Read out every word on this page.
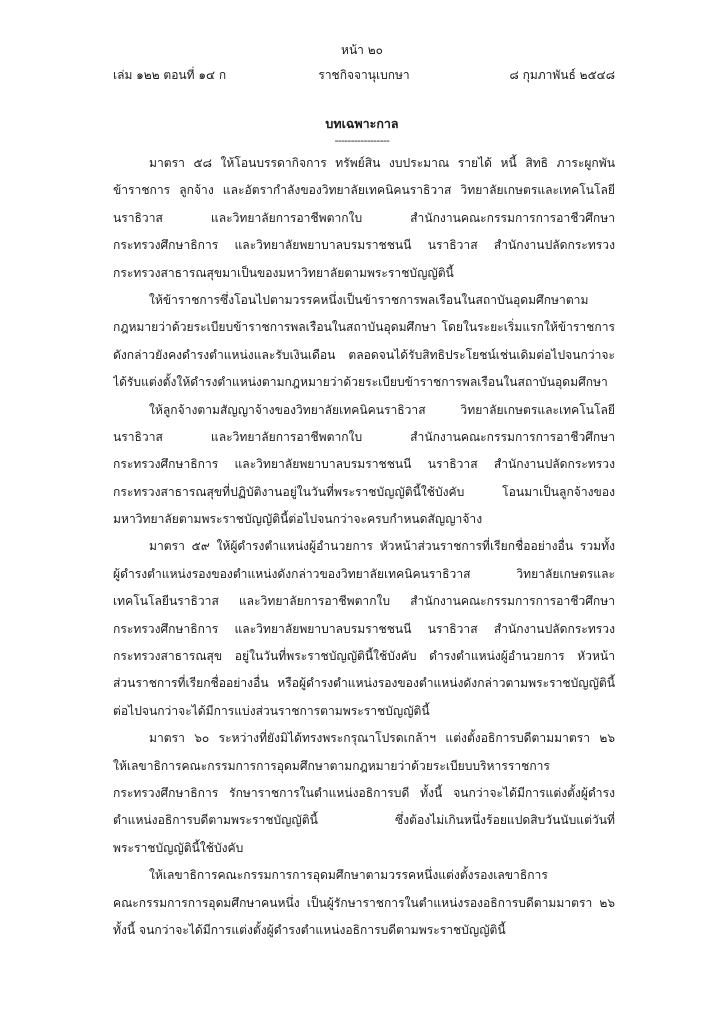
หน้า ๒๐
เล่ม ๑๒๒ ตอนที่ ๑๔ ก	ราชกิจจานุเบกษา	๘ กุมภาพันธ์ ๒๕๔๘
บทเฉพาะกาล
-----------------
มาตรา ๕๘ ให้โอนบรรดากิจการ ทรัพย์สิน งบประมาณ รายได้ หนี้ สิทธิ ภาระผูกพัน
ข้าราชการ ลูกจ้าง และอัตรากำลังของวิทยาลัยเทคนิคนราธิวาส วิทยาลัยเกษตรและเทคโนโลยี
นราธิวาส และวิทยาลัยการอาชีพตากใบ สำนักงานคณะกรรมการการอาชีวศึกษา
กระทรวงศึกษาธิการ และวิทยาลัยพยาบาลบรมราชชนนี นราธิวาส สำนักงานปลัดกระทรวง
กระทรวงสาธารณสุขมาเป็นของมหาวิทยาลัยตามพระราชบัญญัตินี้
ให้ข้าราชการซึ่งโอนไปตามวรรคหนึ่งเป็นข้าราชการพลเรือนในสถาบันอุดมศึกษาตาม
กฎหมายว่าด้วยระเบียบข้าราชการพลเรือนในสถาบันอุดมศึกษา โดยในระยะเริ่มแรกให้ข้าราชการ
ดังกล่าวยังคงดำรงตำแหน่งและรับเงินเดือน ตลอดจนได้รับสิทธิประโยชน์เช่นเดิมต่อไปจนกว่าจะ
ได้รับแต่งตั้งให้ดำรงตำแหน่งตามกฎหมายว่าด้วยระเบียบข้าราชการพลเรือนในสถาบันอุดมศึกษา
ให้ลูกจ้างตามสัญญาจ้างของวิทยาลัยเทคนิคนราธิวาส วิทยาลัยเกษตรและเทคโนโลยี
นราธิวาส และวิทยาลัยการอาชีพตากใบ สำนักงานคณะกรรมการการอาชีวศึกษา
กระทรวงศึกษาธิการ และวิทยาลัยพยาบาลบรมราชชนนี นราธิวาส สำนักงานปลัดกระทรวง
กระทรวงสาธารณสุขที่ปฏิบัติงานอยู่ในวันที่พระราชบัญญัตินี้ใช้บังคับ โอนมาเป็นลูกจ้างของ
มหาวิทยาลัยตามพระราชบัญญัตินี้ต่อไปจนกว่าจะครบกำหนดสัญญาจ้าง
มาตรา ๕๙ ให้ผู้ดำรงตำแหน่งผู้อำนวยการ หัวหน้าส่วนราชการที่เรียกชื่ออย่างอื่น รวมทั้ง
ผู้ดำรงตำแหน่งรองของตำแหน่งดังกล่าวของวิทยาลัยเทคนิคนราธิวาส วิทยาลัยเกษตรและ
เทคโนโลยีนราธิวาส และวิทยาลัยการอาชีพตากใบ สำนักงานคณะกรรมการการอาชีวศึกษา
กระทรวงศึกษาธิการ และวิทยาลัยพยาบาลบรมราชชนนี นราธิวาส สำนักงานปลัดกระทรวง
กระทรวงสาธารณสุข อยู่ในวันที่พระราชบัญญัตินี้ใช้บังคับ ดำรงตำแหน่งผู้อำนวยการ หัวหน้า
ส่วนราชการที่เรียกชื่ออย่างอื่น หรือผู้ดำรงตำแหน่งรองของตำแหน่งดังกล่าวตามพระราชบัญญัตินี้
ต่อไปจนกว่าจะได้มีการแบ่งส่วนราชการตามพระราชบัญญัตินี้
มาตรา ๖๐ ระหว่างที่ยังมิได้ทรงพระกรุณาโปรดเกล้าฯ แต่งตั้งอธิการบดีตามมาตรา ๒๖
ให้เลขาธิการคณะกรรมการการอุดมศึกษาตามกฎหมายว่าด้วยระเบียบบริหารราชการ
กระทรวงศึกษาธิการ รักษาราชการในตำแหน่งอธิการบดี ทั้งนี้ จนกว่าจะได้มีการแต่งตั้งผู้ดำรง
ตำแหน่งอธิการบดีตามพระราชบัญญัตินี้ ซึ่งต้องไม่เกินหนึ่งร้อยแปดสิบวันนับแต่วันที่
พระราชบัญญัตินี้ใช้บังคับ
ให้เลขาธิการคณะกรรมการการอุดมศึกษาตามวรรคหนึ่งแต่งตั้งรองเลขาธิการ
คณะกรรมการการอุดมศึกษาคนหนึ่ง เป็นผู้รักษาราชการในตำแหน่งรองอธิการบดีตามมาตรา ๒๖
ทั้งนี้ จนกว่าจะได้มีการแต่งตั้งผู้ดำรงตำแหน่งอธิการบดีตามพระราชบัญญัตินี้
